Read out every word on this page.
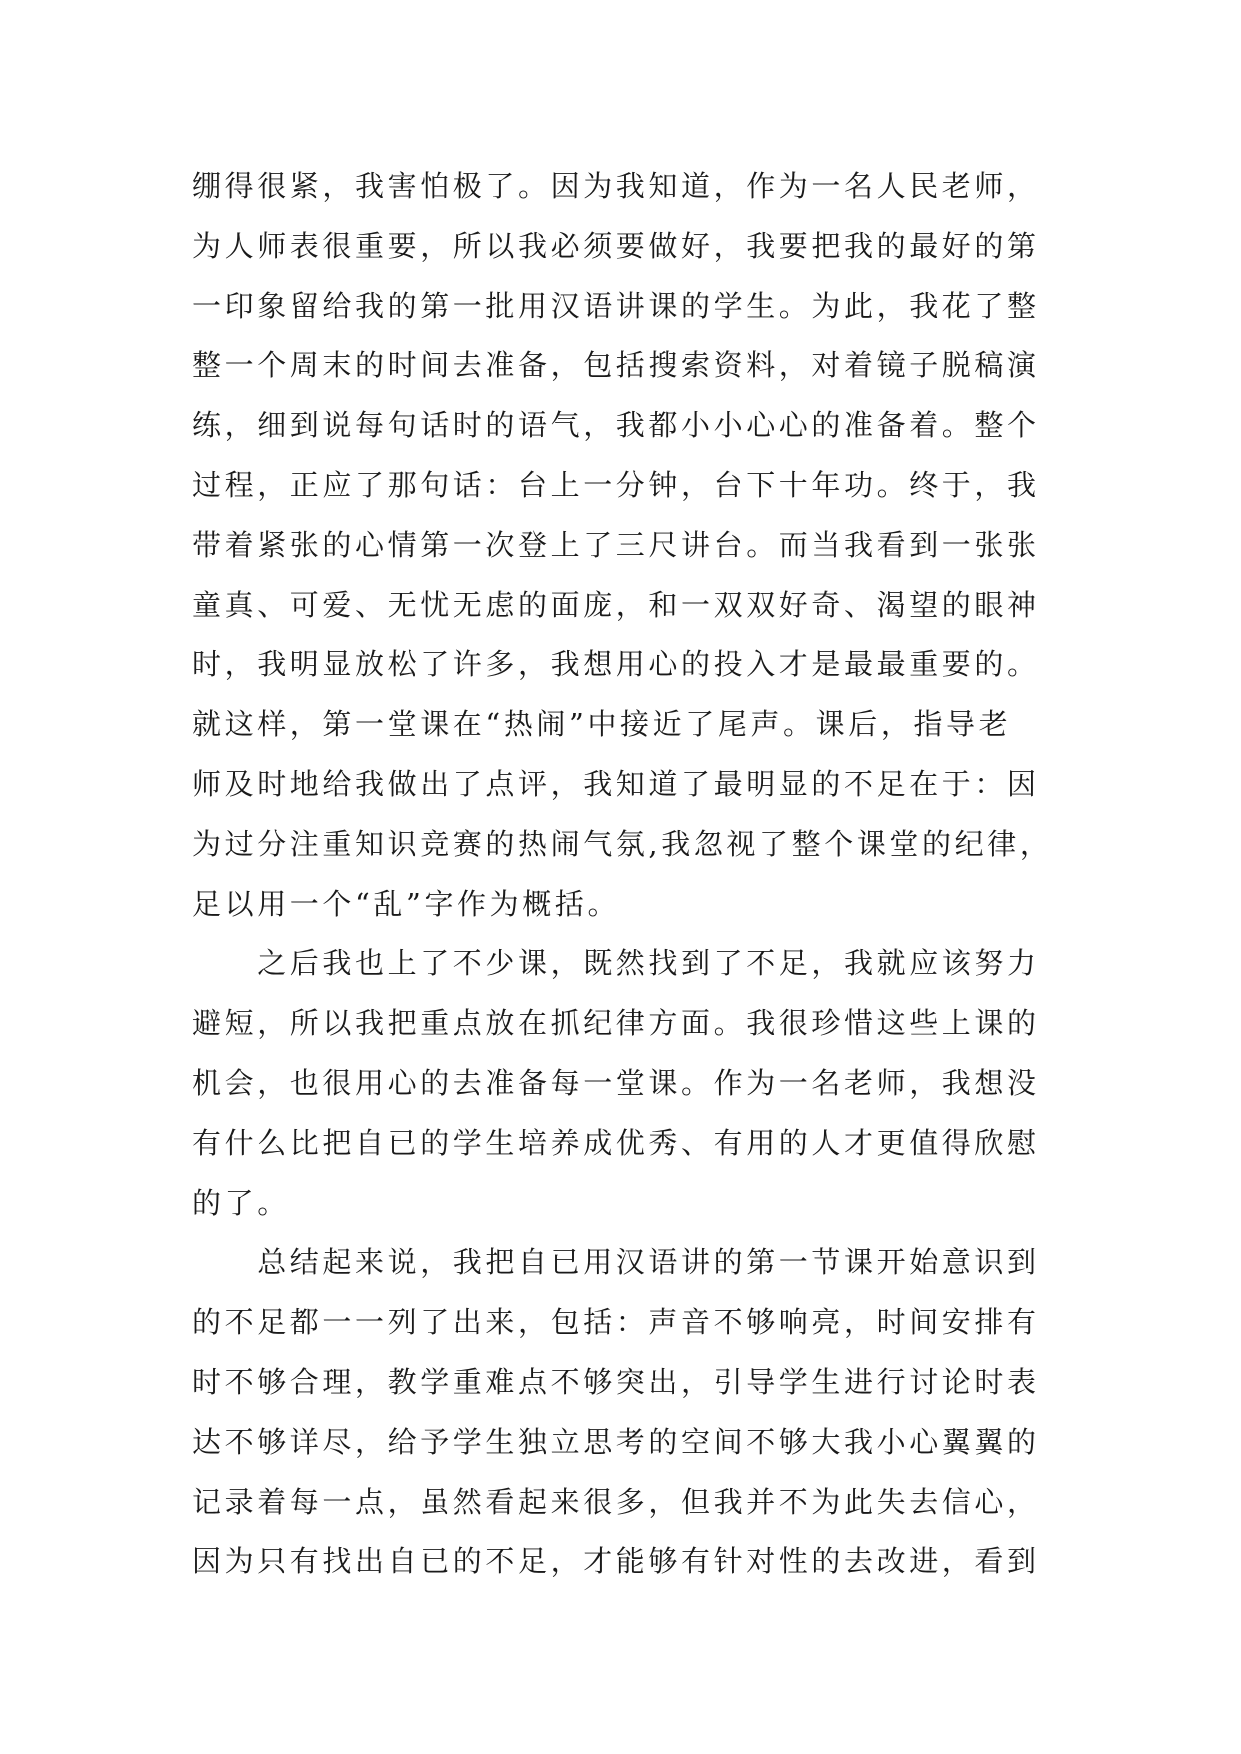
绷得很紧，我害怕极了。因为我知道，作为一名人民老师，
为人师表很重要，所以我必须要做好，我要把我的最好的第
一印象留给我的第一批用汉语讲课的学生。为此，我花了整
整一个周末的时间去准备，包括搜索资料，对着镜子脱稿演
练，细到说每句话时的语气，我都小小心心的准备着。整个
过程，正应了那句话：台上一分钟，台下十年功。终于，我
带着紧张的心情第一次登上了三尺讲台。而当我看到一张张
童真、可爱、无忧无虑的面庞，和一双双好奇、渴望的眼神
时，我明显放松了许多，我想用心的投入才是最最重要的。
就这样，第一堂课在“热闹”中接近了尾声。课后，指导老
师及时地给我做出了点评，我知道了最明显的不足在于：因
为过分注重知识竞赛的热闹气氛,我忽视了整个课堂的纪律，
足以用一个“乱”字作为概括。
　　之后我也上了不少课，既然找到了不足，我就应该努力
避短，所以我把重点放在抓纪律方面。我很珍惜这些上课的
机会，也很用心的去准备每一堂课。作为一名老师，我想没
有什么比把自已的学生培养成优秀、有用的人才更值得欣慰
的了。
　　总结起来说，我把自已用汉语讲的第一节课开始意识到
的不足都一一列了出来，包括：声音不够响亮，时间安排有
时不够合理，教学重难点不够突出，引导学生进行讨论时表
达不够详尽，给予学生独立思考的空间不够大我小心翼翼的
记录着每一点，虽然看起来很多，但我并不为此失去信心，
因为只有找出自已的不足，才能够有针对性的去改进，看到
